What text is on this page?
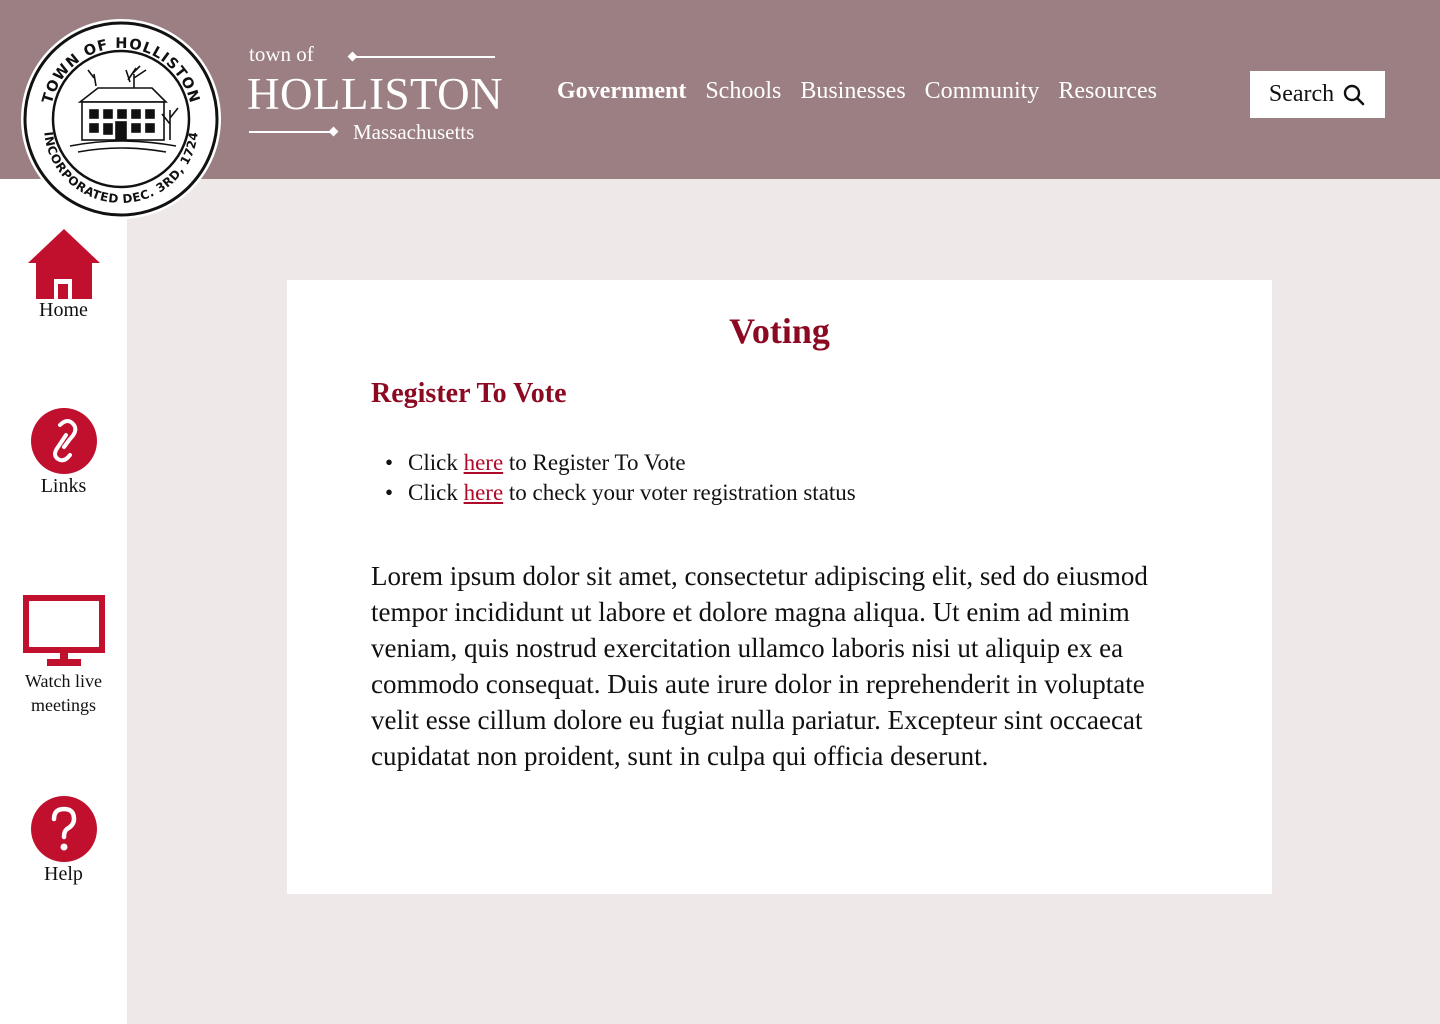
town of
HOLLISTON
Massachusetts
Government Schools Businesses Community Resources	Search
TOWN OF HOLLISTON
INCORPORATED DEC. 3RD, 1724
Home
Links
Watch live meetings
Help
Voting
Register To Vote
• Click here to Register To Vote
• Click here to check your voter registration status

Lorem ipsum dolor sit amet, consectetur adipiscing elit, sed do eiusmod tempor incididunt ut labore et dolore magna aliqua. Ut enim ad minim veniam, quis nostrud exercitation ullamco laboris nisi ut aliquip ex ea commodo consequat. Duis aute irure dolor in reprehenderit in voluptate velit esse cillum dolore eu fugiat nulla pariatur. Excepteur sint occaecat cupidatat non proident, sunt in culpa qui officia deserunt.
